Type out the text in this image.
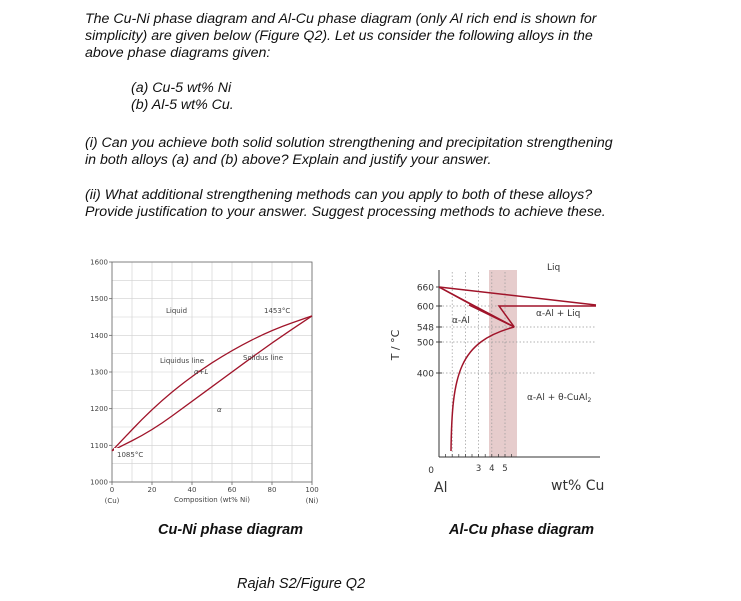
The Cu-Ni phase diagram and Al-Cu phase diagram (only Al rich end is shown for
simplicity) are given below (Figure Q2). Let us consider the following alloys in the
above phase diagrams given:
(a) Cu-5 wt% Ni
(b) Al-5 wt% Cu.
(i) Can you achieve both solid solution strengthening and precipitation strengthening
in both alloys (a) and (b) above? Explain and justify your answer.
(ii) What additional strengthening methods can you apply to both of these alloys?
Provide justification to your answer. Suggest processing methods to achieve these.
1600
1500
1400
1300
1200
1100
1000
0	20	40	60	80	100
(Cu)	(Ni)
Composition (wt% Ni)
Liquid	1453°C
Liquidus line	Solidus line
α+L
α
1085°C
Cu-Ni phase diagram
660
600
548
500
400
0	3 4 5
T / °C
Al	wt% Cu
Liq
α-Al + Liq
α-Al
α-Al + θ-CuAl$_2$
Al-Cu phase diagram
Rajah S2/Figure Q2
